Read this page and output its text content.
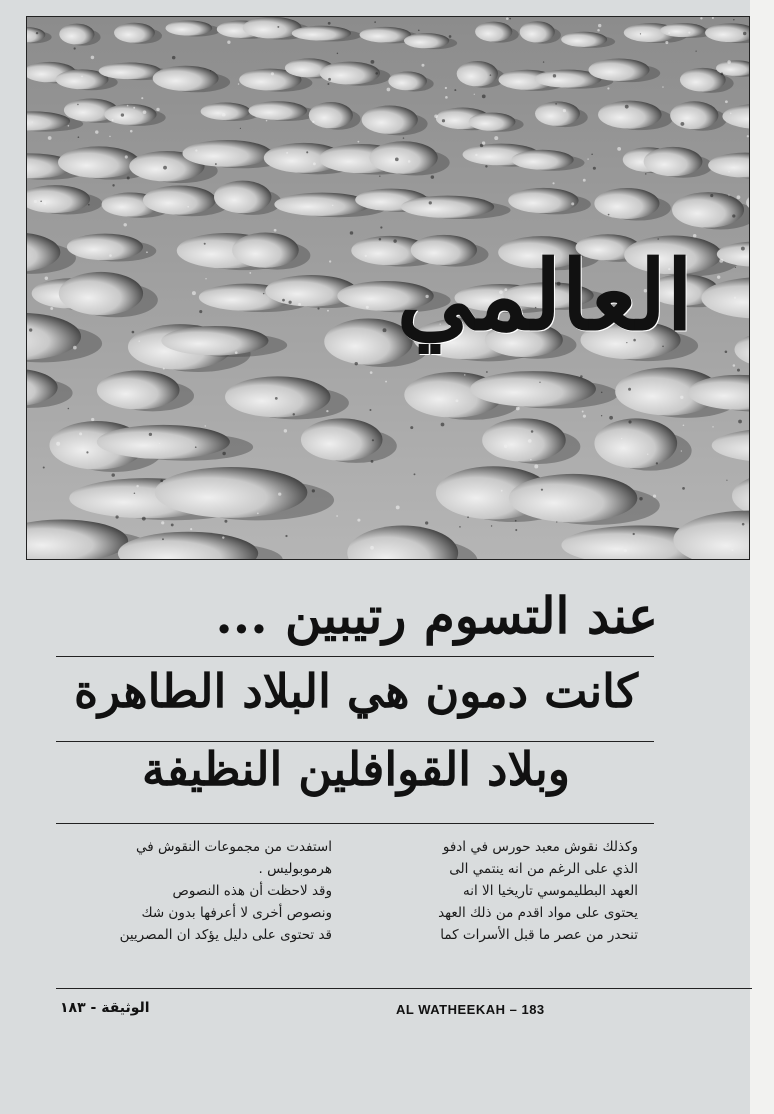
العالمي
عند التسوم رتيبين ...
كانت دمون هي البلاد الطاهرة
وبلاد القوافلين النظيفة

وكذلك نقوش معبد حورس في ادفو

الذي على الرغم من انه ينتمي الى

العهد البطليموسي تاريخيا الا انه

يحتوى على مواد اقدم من ذلك العهد

تنحدر من عصر ما قبل الأسرات كما

استفدت من مجموعات النقوش في

هرموبوليس .

وقد لاحظت أن هذه النصوص

ونصوص أخرى لا أعرفها بدون شك

قد تحتوى على دليل يؤكد ان المصريين

الوثيقة - ١٨٣	AL WATHEEKAH – 183
